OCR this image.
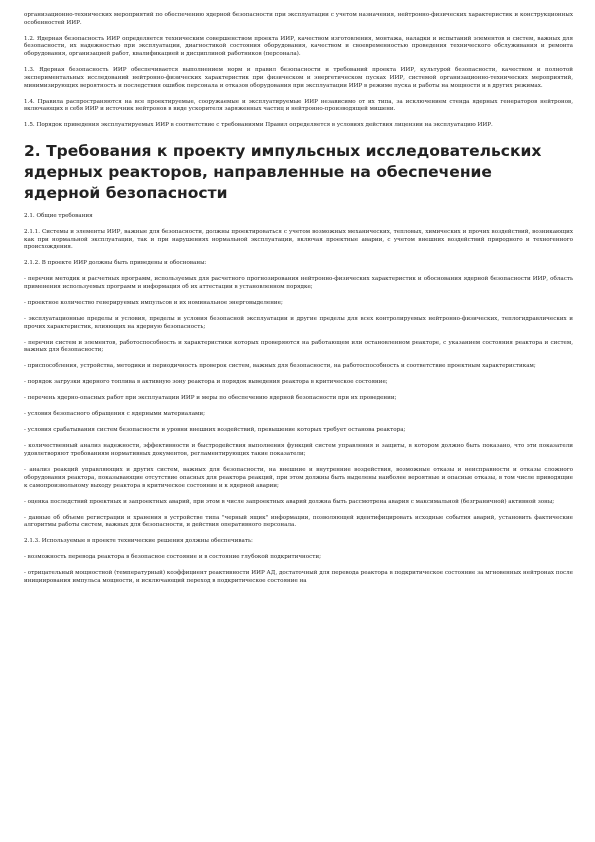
организационно-технических мероприятий по обеспечению ядерной безопасности при эксплуатации с учетом назначения, нейтронно-физических характеристик и конструкционных особенностей ИИР.

1.2. Ядерная безопасность ИИР определяется техническим совершенством проекта ИИР, качеством изготовления, монтажа, наладки и испытаний элементов и систем, важных для безопасности, их надежностью при эксплуатации, диагностикой состояния оборудования, качеством и своевременностью проведения технического обслуживания и ремонта оборудования, организацией работ, квалификацией и дисциплиной работников (персонала).

1.3. Ядерная безопасность ИИР обеспечивается выполнением норм и правил безопасности и требований проекта ИИР, культурой безопасности, качеством и полнотой экспериментальных исследований нейтронно-физических характеристик при физическом и энергетическом пусках ИИР, системой организационно-технических мероприятий, минимизирующих вероятность и последствия ошибок персонала и отказов оборудования при эксплуатации ИИР в режиме пуска и работы на мощности и в других режимах.

1.4. Правила распространяются на все проектируемые, сооружаемые и эксплуатируемые ИИР независимо от их типа, за исключением стенда ядерных генераторов нейтронов, включающих в себя ИИР и источник нейтронов в виде ускорителя заряженных частиц и нейтронно-производящей мишени.

1.5. Порядок приведения эксплуатируемых ИИР в соответствие с требованиями Правил определяется в условиях действия лицензии на эксплуатацию ИИР.

2. Требования к проекту импульсных исследовательских ядерных реакторов, направленные на обеспечение ядерной безопасности

2.1. Общие требования

2.1.1. Системы и элементы ИИР, важные для безопасности, должны проектироваться с учетом возможных механических, тепловых, химических и прочих воздействий, возникающих как при нормальной эксплуатации, так и при нарушениях нормальной эксплуатации, включая проектные аварии, с учетом внешних воздействий природного и техногенного происхождения.

2.1.2. В проекте ИИР должны быть приведены и обоснованы:

- перечни методик и расчетных программ, используемых для расчетного прогнозирования нейтронно-физических характеристик и обоснования ядерной безопасности ИИР, область применения используемых программ и информация об их аттестации в установленном порядке;

- проектное количество генерируемых импульсов и их номинальное энерговыделение;

- эксплуатационные пределы и условия, пределы и условия безопасной эксплуатации и другие пределы для всех контролируемых нейтронно-физических, теплогидравлических и прочих характеристик, влияющих на ядерную безопасность;

- перечни систем и элементов, работоспособность и характеристики которых проверяются на работающем или остановленном реакторе, с указанием состояния реактора и систем, важных для безопасности;

- приспособления, устройства, методики и периодичность проверок систем, важных для безопасности, на работоспособность и соответствие проектным характеристикам;

- порядок загрузки ядерного топлива в активную зону реактора и порядок выведения реактора в критическое состояние;

- перечень ядерно-опасных работ при эксплуатации ИИР и меры по обеспечению ядерной безопасности при их проведении;

- условия безопасного обращения с ядерными материалами;

- условия срабатывания систем безопасности и уровни внешних воздействий, превышение которых требует останова реактора;

- количественный анализ надежности, эффективности и быстродействия выполнения функций систем управления и защиты, в котором должно быть показано, что эти показатели удовлетворяют требованиям нормативных документов, регламентирующих такие показатели;

- анализ реакций управляющих и других систем, важных для безопасности, на внешние и внутренние воздействия, возможные отказы и неисправности и отказы сложного оборудования реактора, показывающие отсутствие опасных для реактора реакций, при этом должны быть выделены наиболее вероятные и опасные отказы, в том числе приводящие к самопроизвольному выходу реактора в критическое состояние и к ядерной аварии;

- оценка последствий проектных и запроектных аварий, при этом в числе запроектных аварий должна быть рассмотрена авария с максимальной (безграничной) активной зоны;

- данные об объеме регистрации и хранения в устройстве типа "черный ящик" информации, позволяющей идентифицировать исходные события аварий, установить фактические алгоритмы работы систем, важных для безопасности, и действия оперативного персонала.

2.1.3. Используемые в проекте технические решения должны обеспечивать:

- возможность перевода реактора в безопасное состояние и в состояние глубокой подкритичности;

- отрицательный мощностной (температурный) коэффициент реактивности ИИР АД, достаточный для перевода реактора в подкритическое состояние за мгновенных нейтронах после инициирования импульса мощности, и исключающий переход в подкритическое состояние на
